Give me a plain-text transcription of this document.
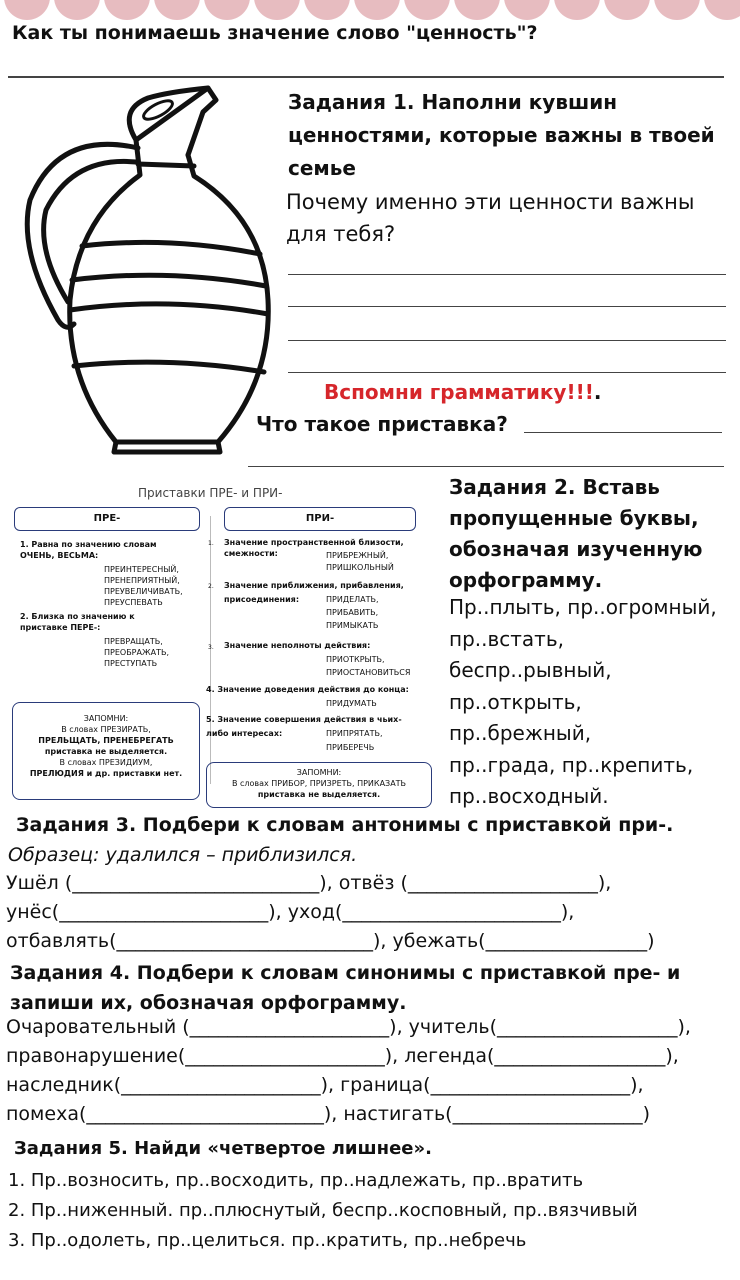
Как ты понимаешь значение слово "ценность"?
Задания 1. Наполни кувшин
ценностями, которые важны в твоей
семье
Почему именно эти ценности важны
для тебя?
Вспомни грамматику!!!.
Что такое приставка?
Приставки ПРЕ- и ПРИ-
ПРЕ-	ПРИ-
1. Равна по значению словам
ОЧЕНЬ, ВЕСЬМА:
ПРЕИНТЕРЕСНЫЙ,
ПРЕНЕПРИЯТНЫЙ,
ПРЕУВЕЛИЧИВАТЬ,
ПРЕУСПЕВАТЬ
2. Близка по значению к
приставке ПЕРЕ-:
ПРЕВРАЩАТЬ,
ПРЕОБРАЖАТЬ,
ПРЕСТУПАТЬ
ЗАПОМНИ:
В словах ПРЕЗИРАТЬ,
ПРЕЛЬЩАТЬ, ПРЕНЕБРЕГАТЬ
приставка не выделяется.
В словах ПРЕЗИДИУМ,
ПРЕЛЮДИЯ и др. приставки нет.
1. Значение пространственной близости,
смежности:	ПРИБРЕЖНЫЙ,
ПРИШКОЛЬНЫЙ
2. Значение приближения, прибавления,
присоединения:	ПРИДЕЛАТЬ,
ПРИБАВИТЬ,
ПРИМЫКАТЬ
3. Значение неполноты действия:
ПРИОТКРЫТЬ,
ПРИОСТАНОВИТЬСЯ
4. Значение доведения действия до конца:
ПРИДУМАТЬ
5. Значение совершения действия в чьих-
либо интересах:	ПРИПРЯТАТЬ,
ПРИБЕРЕЧЬ
ЗАПОМНИ:
В словах ПРИБОР, ПРИЗРЕТЬ, ПРИКАЗАТЬ
приставка не выделяется.
Задания 2. Вставь
пропущенные буквы,
обозначая изученную
орфограмму.
Пр..плыть, пр..огромный,
пр..встать,
беспр..рывный,
пр..открыть,
пр..брежный,
пр..града, пр..крепить,
пр..восходный.
Задания 3. Подбери к словам антонимы с приставкой при-.
Образец: удалился – приблизился.
Ушёл (__________________________), отвёз (____________________),
унёс(______________________), уход(_______________________),
отбавлять(___________________________), убежать(_________________)
Задания 4. Подбери к словам синонимы с приставкой пре- и
запиши их, обозначая орфограмму.
Очаровательный (_____________________), учитель(___________________),
правонарушение(_____________________), легенда(__________________),
наследник(_____________________), граница(_____________________),
помеха(_________________________), настигать(____________________)
Задания 5. Найди «четвертое лишнее».
1. Пр..возносить, пр..восходить, пр..надлежать, пр..вратить
2. Пр..ниженный. пр..плюснутый, беспр..косповный, пр..вязчивый
3. Пр..одолеть, пр..целиться. пр..кратить, пр..небречь
